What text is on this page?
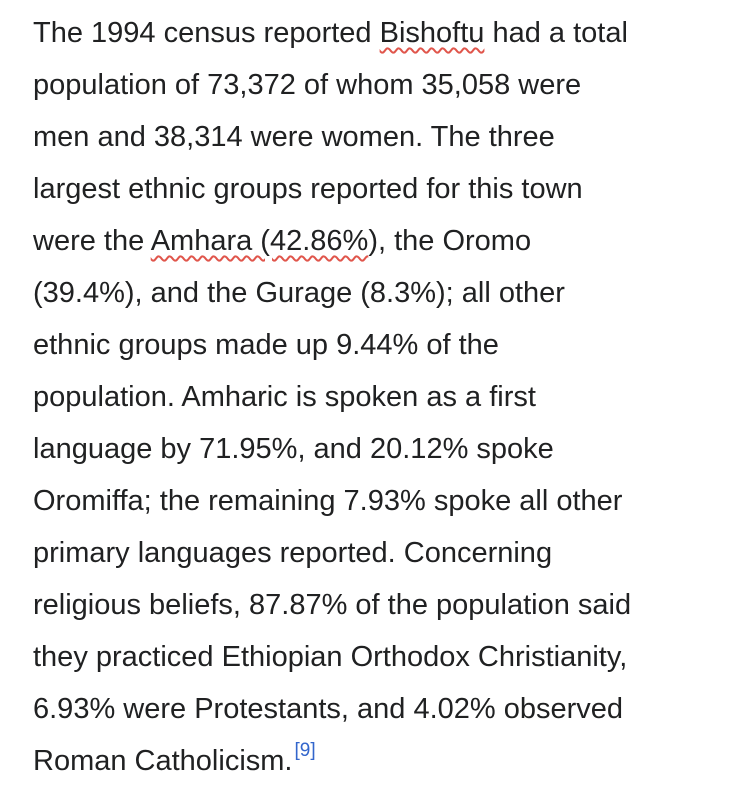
The 1994 census reported Bishoftu had a total
population of 73,372 of whom 35,058 were
men and 38,314 were women. The three
largest ethnic groups reported for this town
were the Amhara (42.86%), the Oromo
(39.4%), and the Gurage (8.3%); all other
ethnic groups made up 9.44% of the
population. Amharic is spoken as a first
language by 71.95%, and 20.12% spoke
Oromiffa; the remaining 7.93% spoke all other
primary languages reported. Concerning
religious beliefs, 87.87% of the population said
they practiced Ethiopian Orthodox Christianity,
6.93% were Protestants, and 4.02% observed
Roman Catholicism. [9]
